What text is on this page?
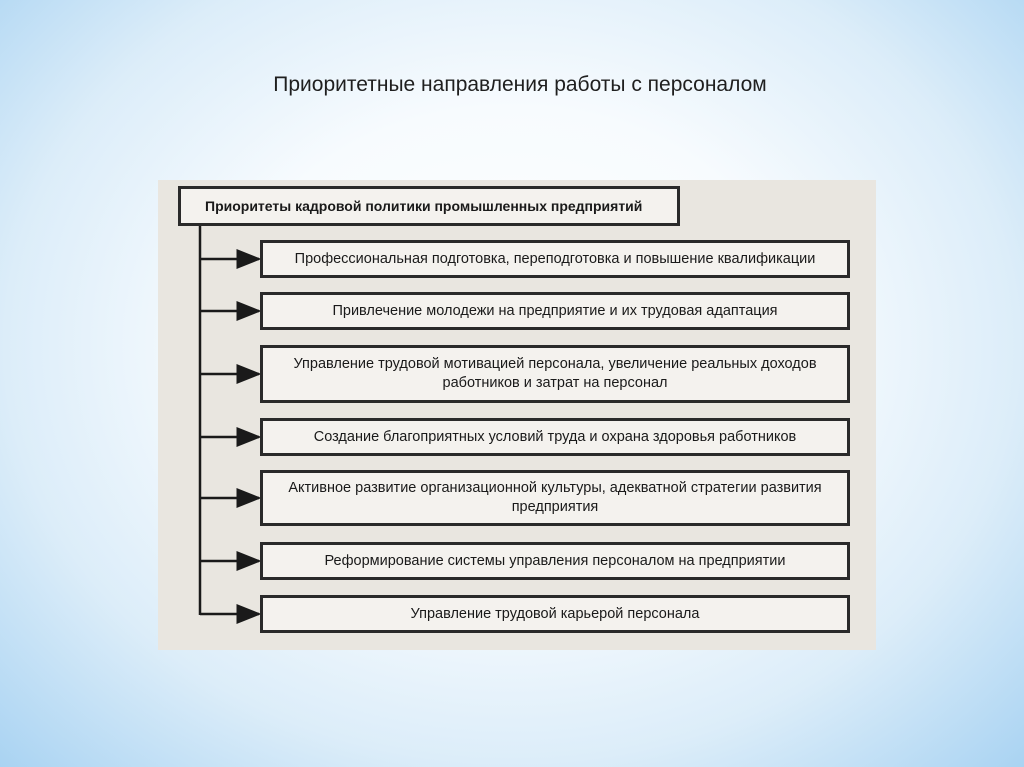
Приоритетные направления работы с персоналом
Приоритеты кадровой политики промышленных предприятий
Профессиональная подготовка, переподготовка и повышение квалификации
Привлечение молодежи на предприятие и их трудовая адаптация
Управление трудовой мотивацией персонала, увеличение реальных доходов работников и затрат на персонал
Создание благоприятных условий труда и охрана здоровья работников
Активное развитие организационной культуры, адекватной стратегии развития предприятия
Реформирование системы управления персоналом на предприятии
Управление трудовой карьерой персонала
